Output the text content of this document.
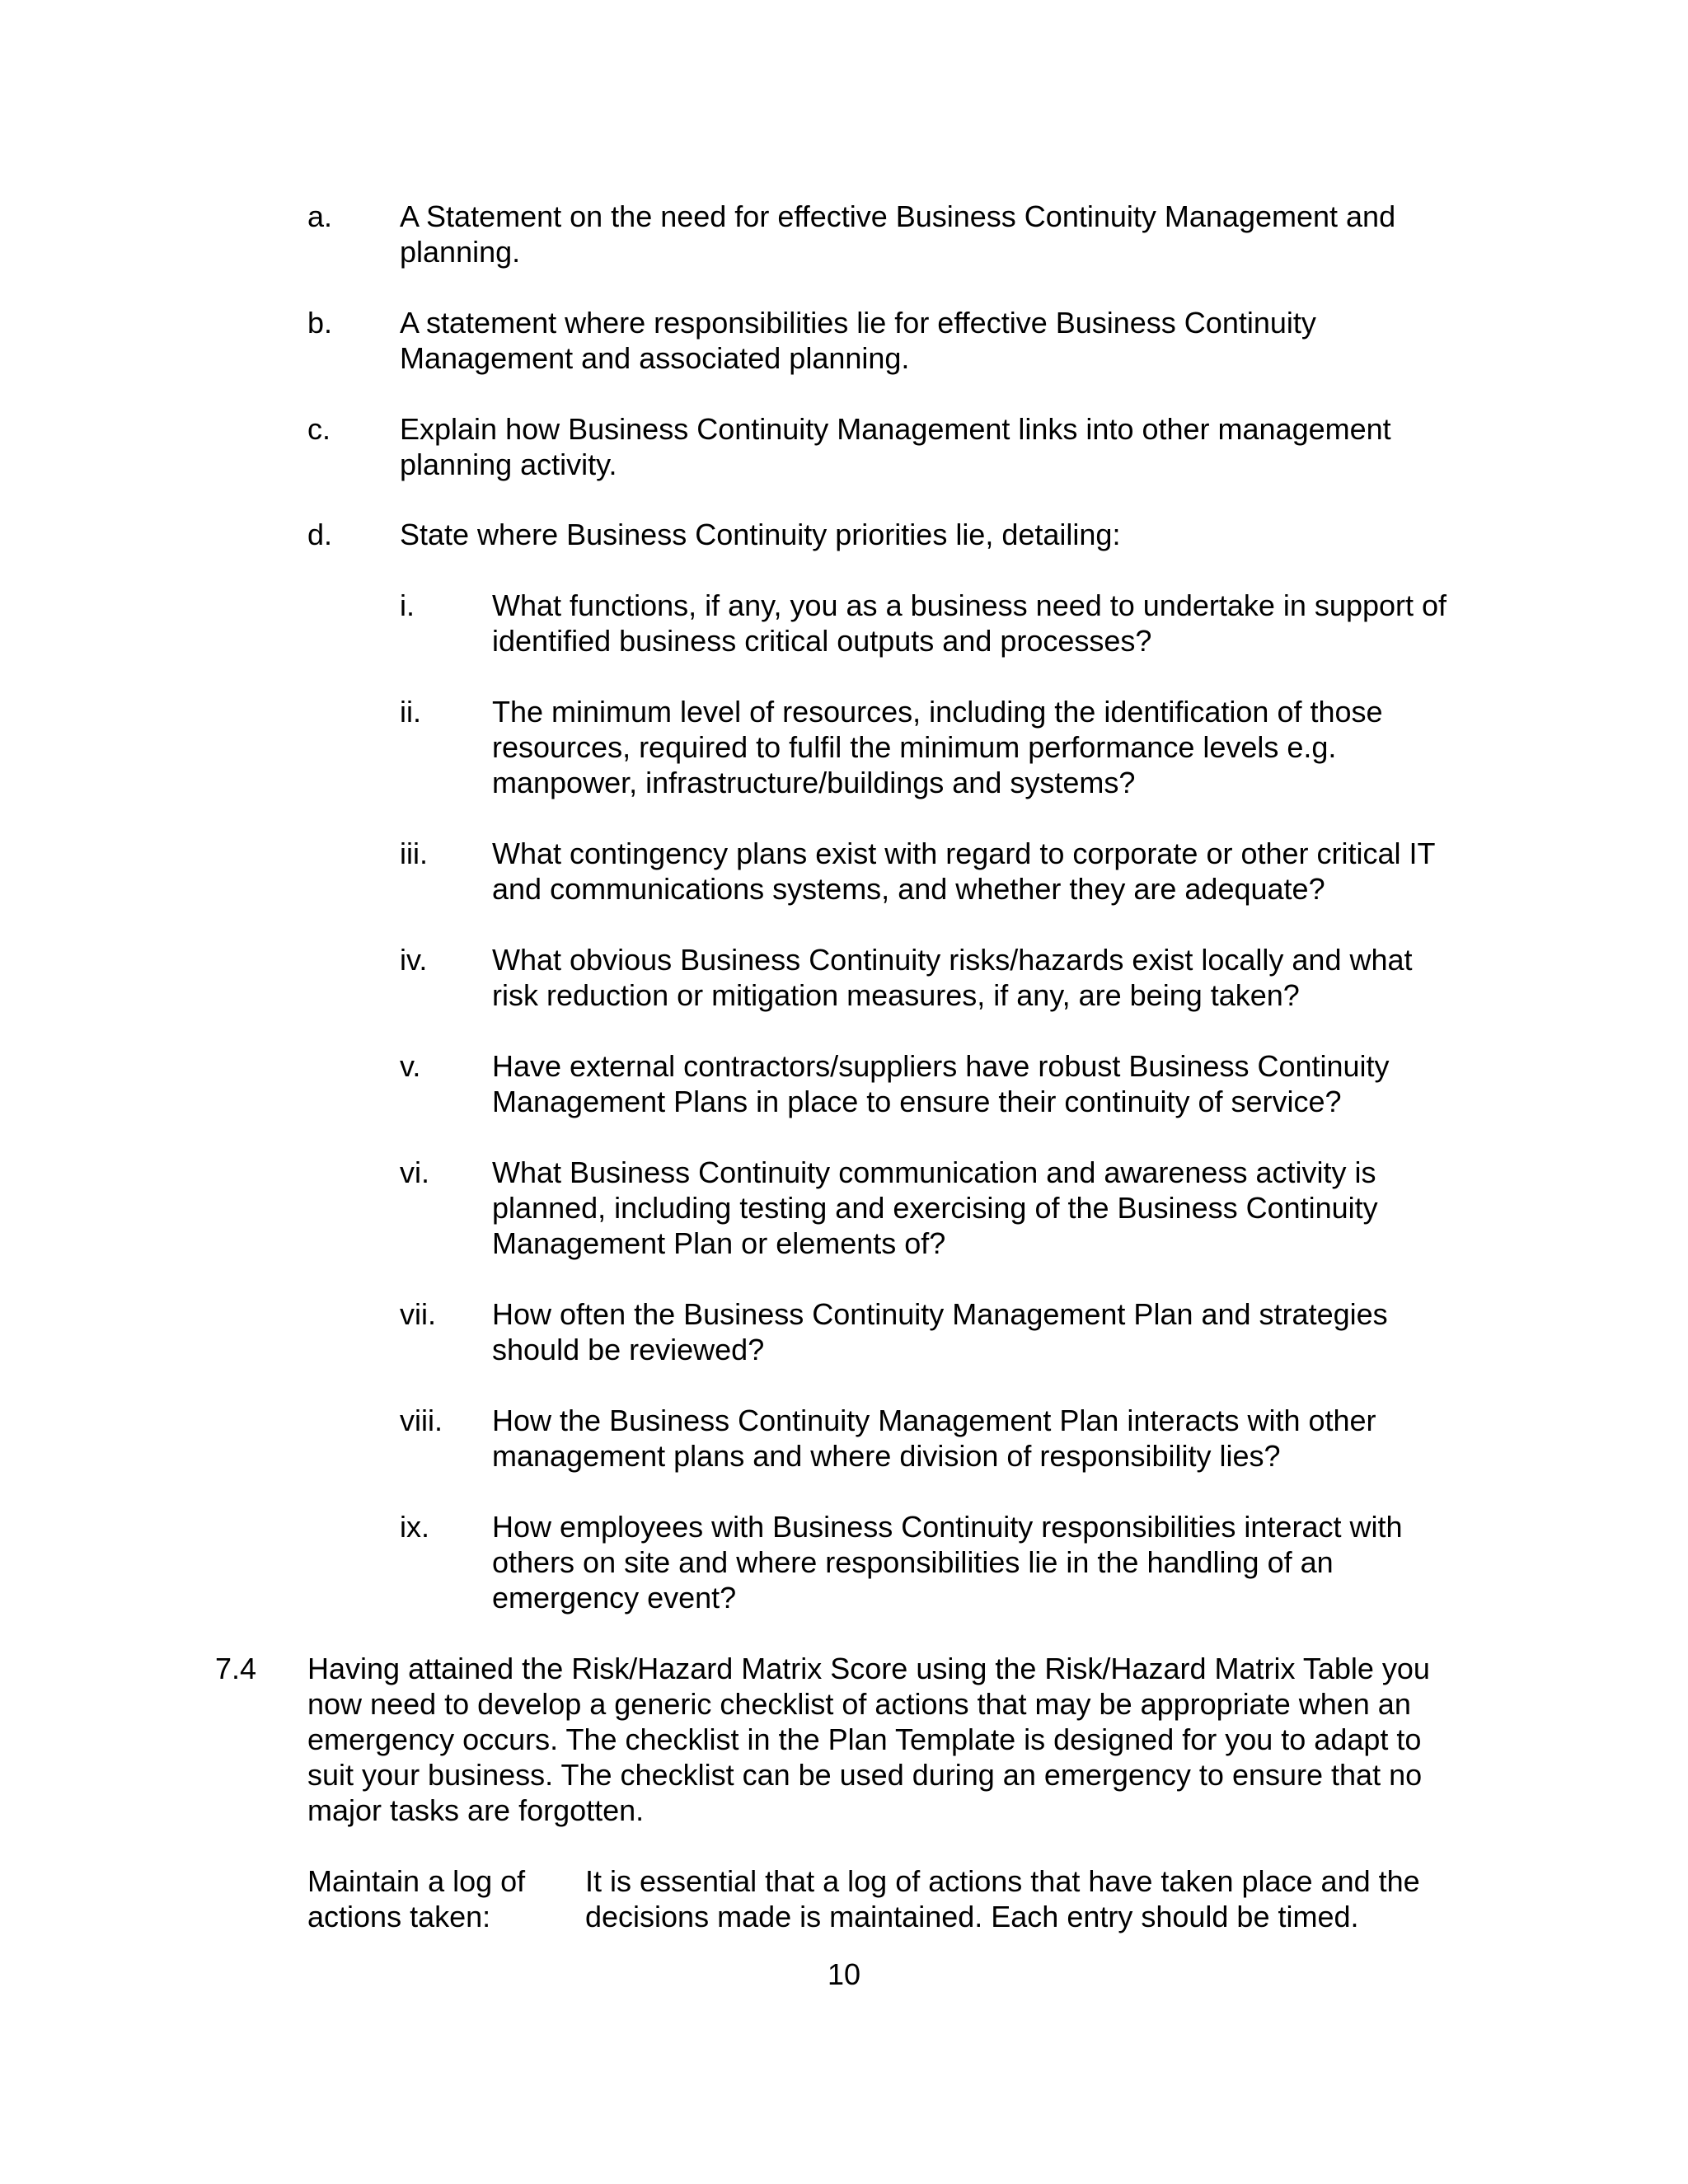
a. A Statement on the need for effective Business Continuity Management and planning.
b. A statement where responsibilities lie for effective Business Continuity Management and associated planning.
c. Explain how Business Continuity Management links into other management planning activity.
d. State where Business Continuity priorities lie, detailing:
i.	What functions, if any, you as a business need to undertake in support of identified business critical outputs and processes?
ii. The minimum level of resources, including the identification of those resources, required to fulfil the minimum performance levels e.g. manpower, infrastructure/buildings and systems?
iii. What contingency plans exist with regard to corporate or other critical IT and communications systems, and whether they are adequate?
iv. What obvious Business Continuity risks/hazards exist locally and what risk reduction or mitigation measures, if any, are being taken?
v. Have external contractors/suppliers have robust Business Continuity Management Plans in place to ensure their continuity of service?
vi. What Business Continuity communication and awareness activity is planned, including testing and exercising of the Business Continuity Management Plan or elements of?
vii. How often the Business Continuity Management Plan and strategies should be reviewed?
viii. How the Business Continuity Management Plan interacts with other management plans and where division of responsibility lies?
ix. How employees with Business Continuity responsibilities interact with others on site and where responsibilities lie in the handling of an emergency event?
7.4 Having attained the Risk/Hazard Matrix Score using the Risk/Hazard Matrix Table you now need to develop a generic checklist of actions that may be appropriate when an emergency occurs. The checklist in the Plan Template is designed for you to adapt to suit your business. The checklist can be used during an emergency to ensure that no major tasks are forgotten.
Maintain a log of actions taken:
It is essential that a log of actions that have taken place and the decisions made is maintained. Each entry should be timed.
10
